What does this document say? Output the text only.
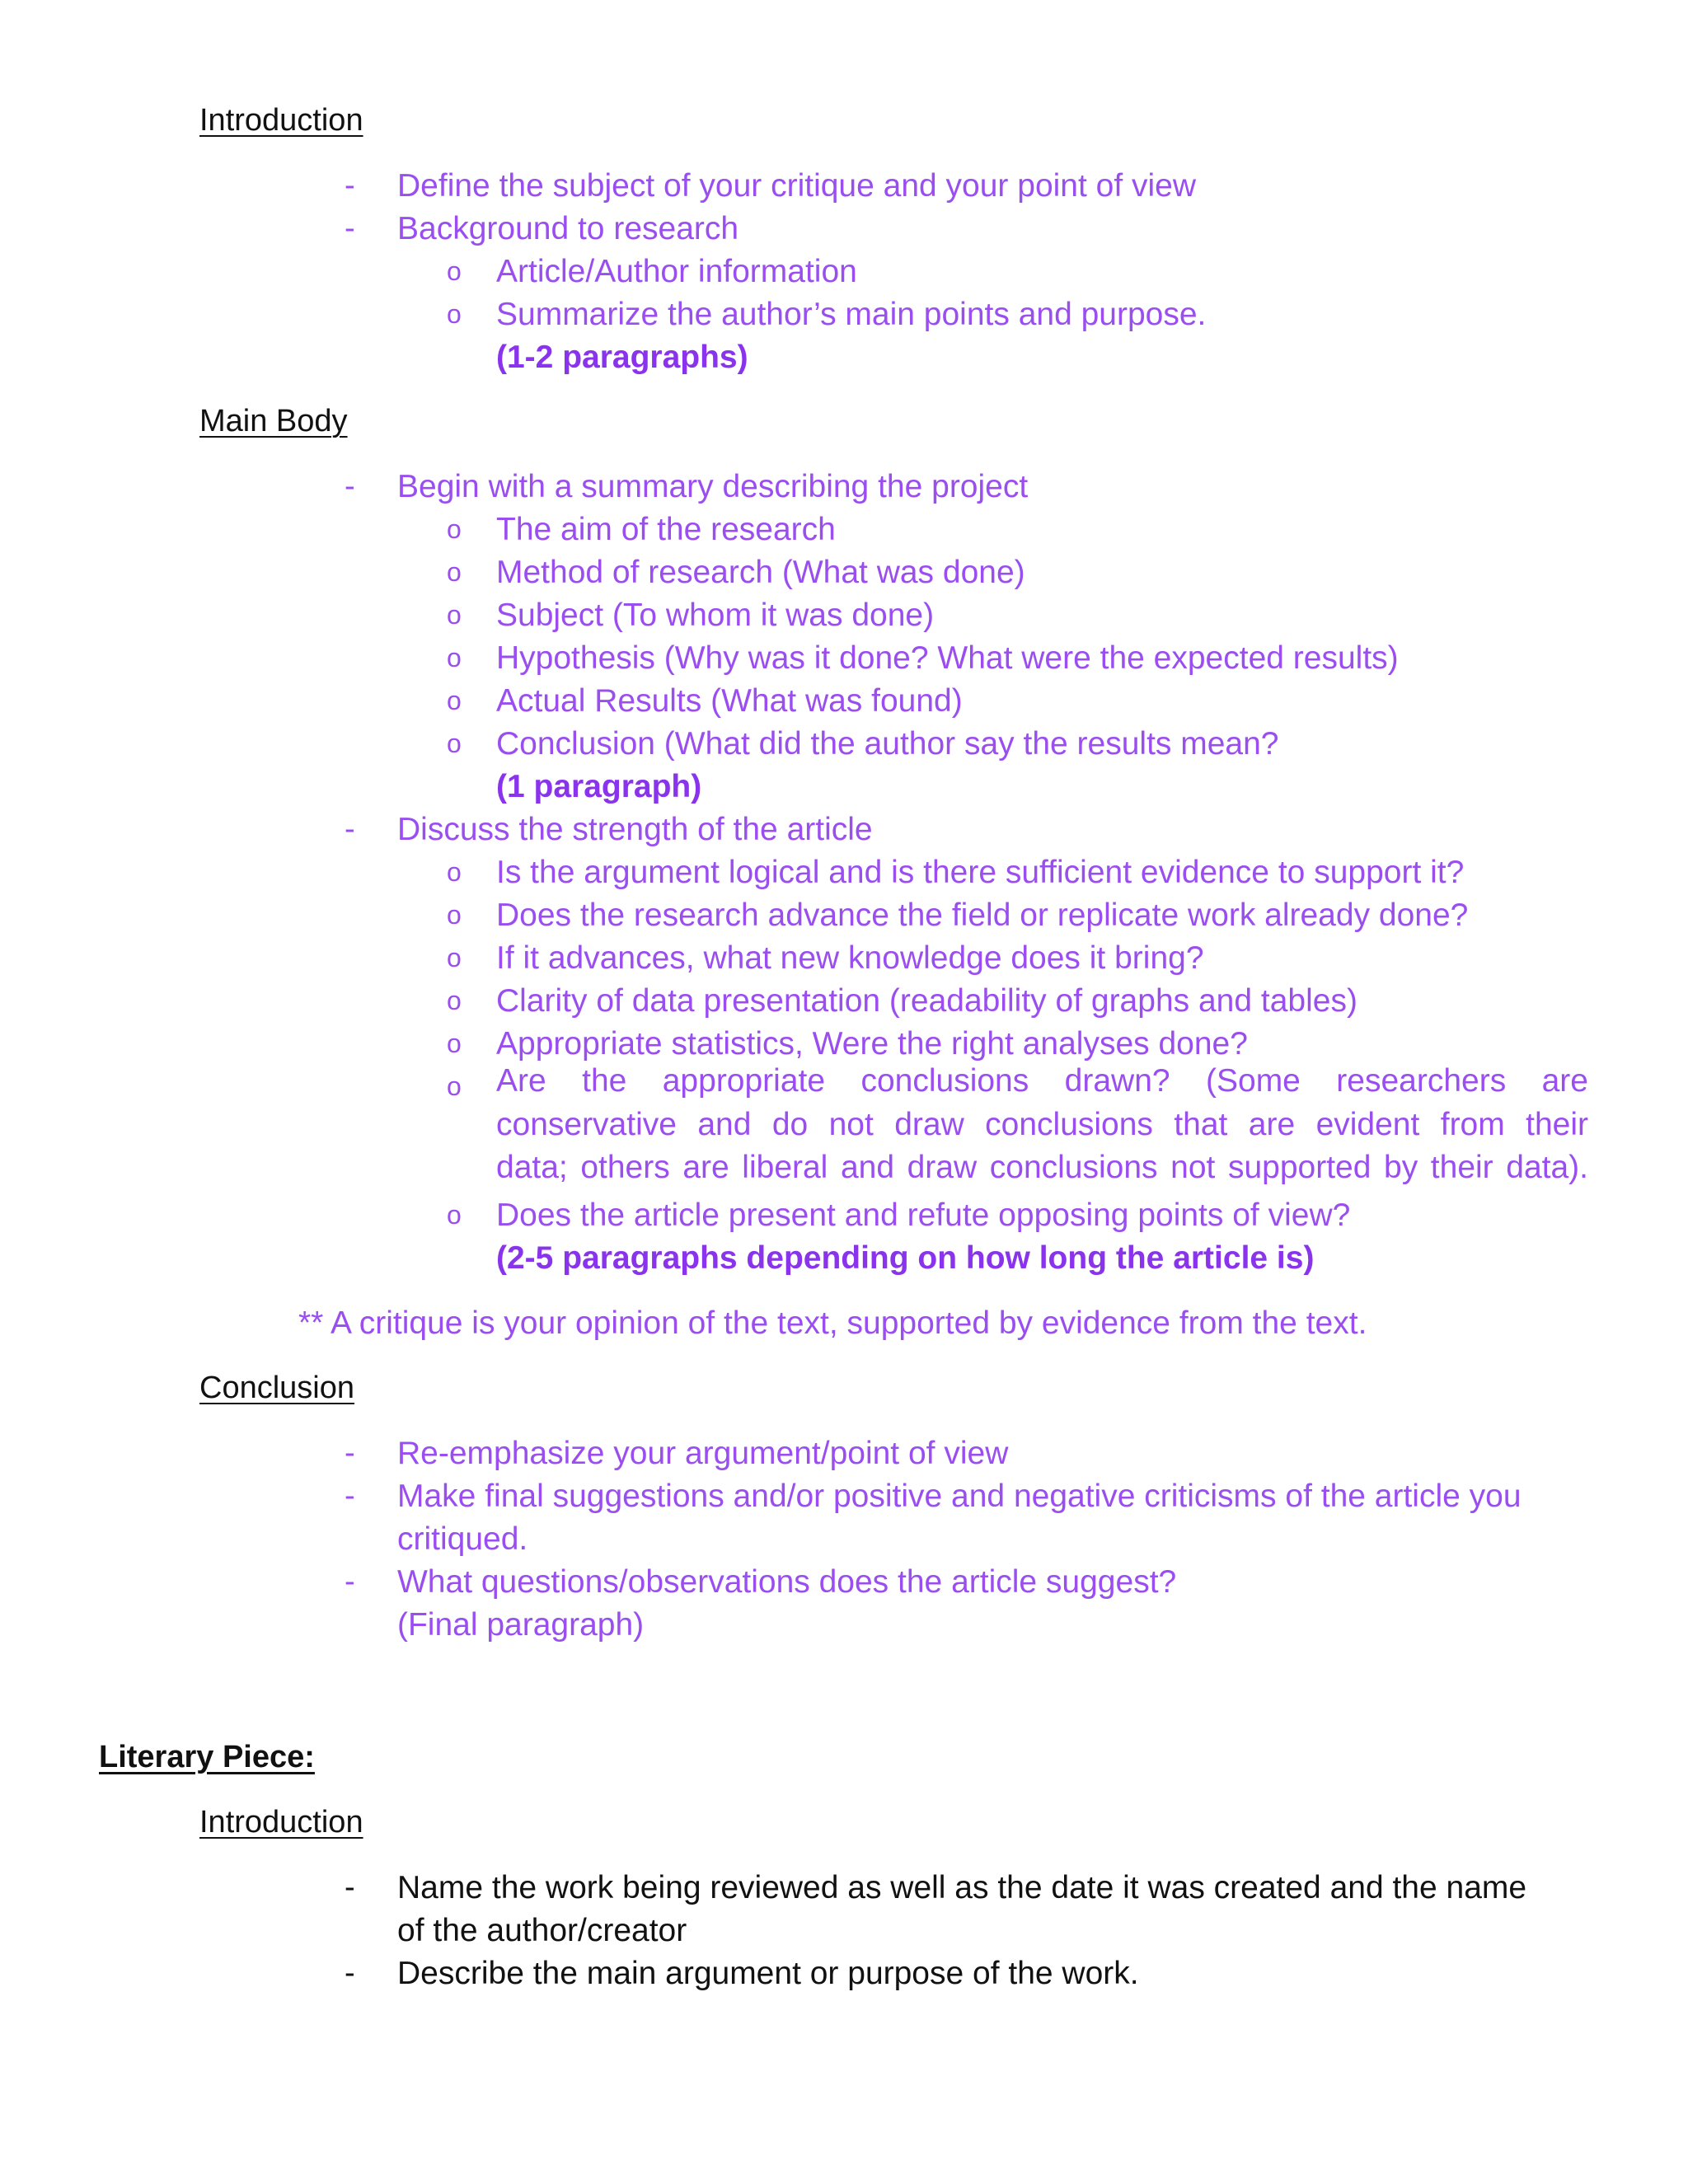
Introduction
- Define the subject of your critique and your point of view
- Background to research
o Article/Author information
o Summarize the author’s main points and purpose.
(1-2 paragraphs)
Main Body
- Begin with a summary describing the project
o The aim of the research
o Method of research (What was done)
o Subject (To whom it was done)
o Hypothesis (Why was it done? What were the expected results)
o Actual Results (What was found)
o Conclusion (What did the author say the results mean?
(1 paragraph)
- Discuss the strength of the article
o Is the argument logical and is there sufficient evidence to support it?
o Does the research advance the field or replicate work already done?
o If it advances, what new knowledge does it bring?
o Clarity of data presentation (readability of graphs and tables)
o Appropriate statistics, Were the right analyses done?
o Are the appropriate conclusions drawn? (Some researchers are
conservative and do not draw conclusions that are evident from their
data; others are liberal and draw conclusions not supported by their data).
o Does the article present and refute opposing points of view?
(2-5 paragraphs depending on how long the article is)
** A critique is your opinion of the text, supported by evidence from the text.
Conclusion
- Re-emphasize your argument/point of view
- Make final suggestions and/or positive and negative criticisms of the article you
critiqued.
- What questions/observations does the article suggest?
(Final paragraph)
Literary Piece:
Introduction
- Name the work being reviewed as well as the date it was created and the name
of the author/creator
- Describe the main argument or purpose of the work.
